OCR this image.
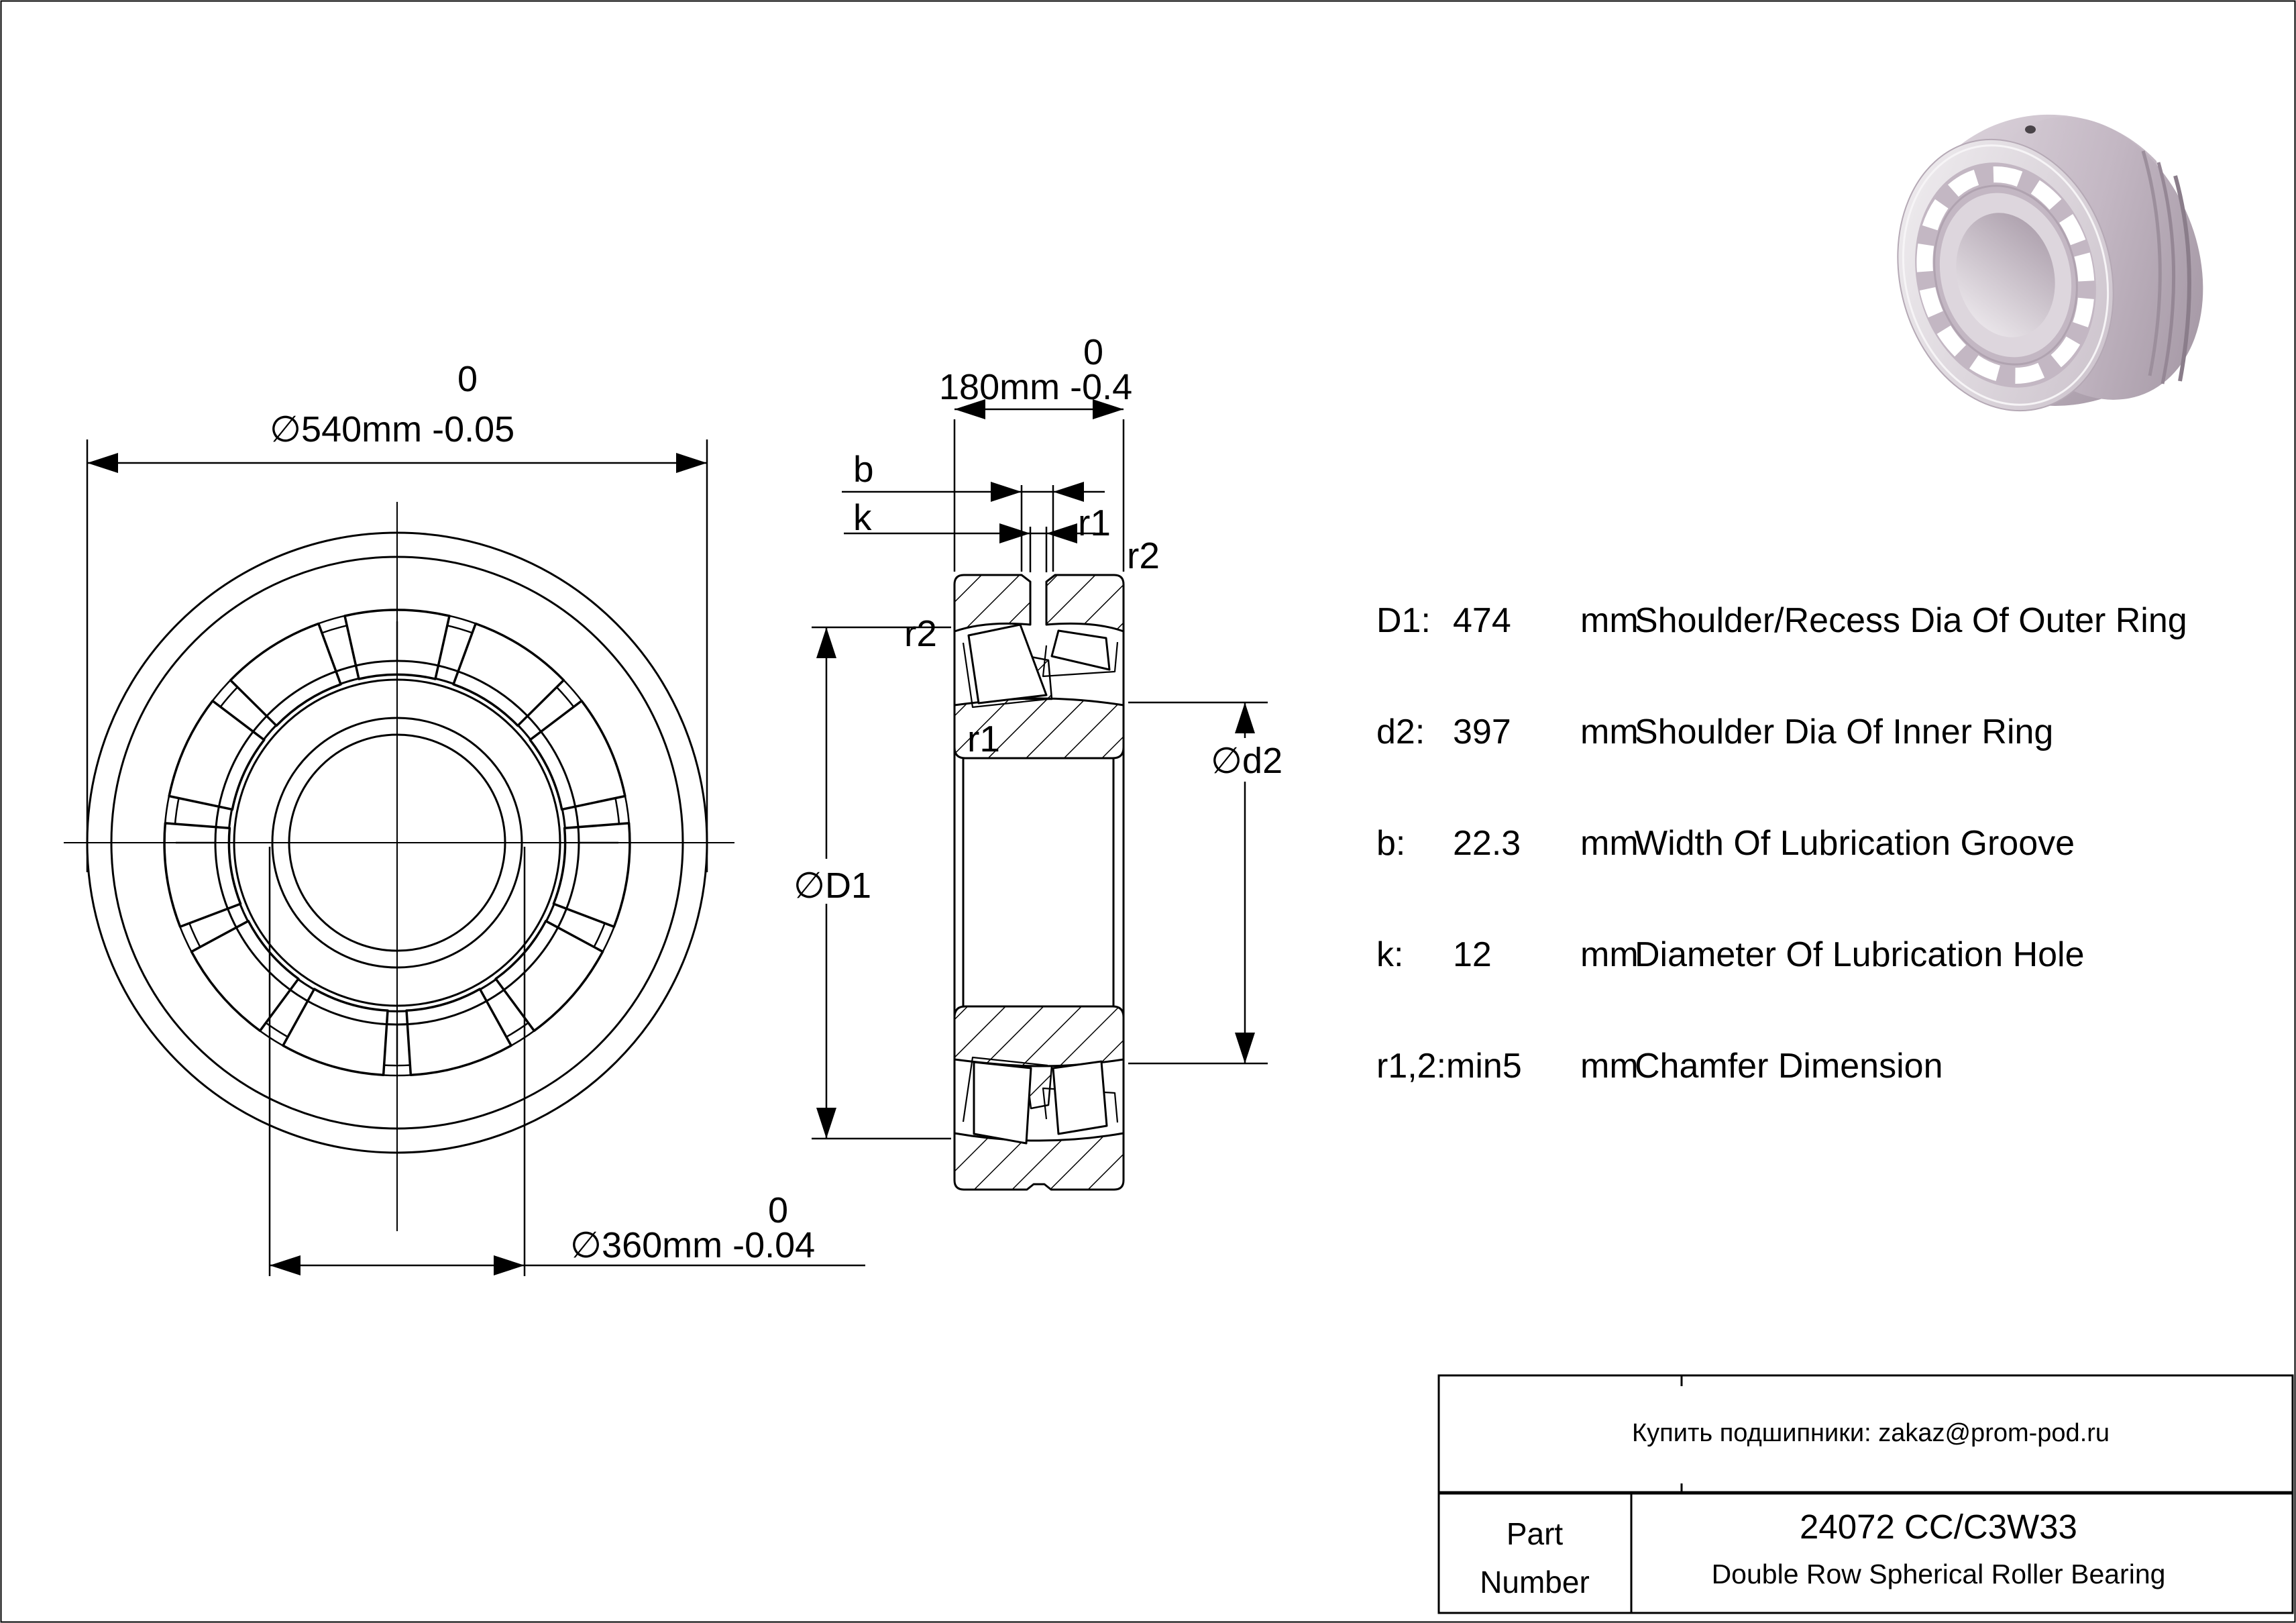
∅540mm -0.05
0
∅360mm -0.04
0
180mm -0.4
0
b
k	r1
r2
r2
r1
∅D1
∅d2
D1: 474 mm
Shoulder/Recess Dia Of Outer Ring
d2: 397 mm
Shoulder Dia Of Inner Ring
b: 22.3 mm
Width Of Lubrication Groove
k: 12	mm
Diameter Of Lubrication Hole
r1,2:min5 mm
Chamfer Dimension
Купить подшипники: zakaz@prom-pod.ru
Part
Number
24072 CC/C3W33
Double Row Spherical Roller Bearing
